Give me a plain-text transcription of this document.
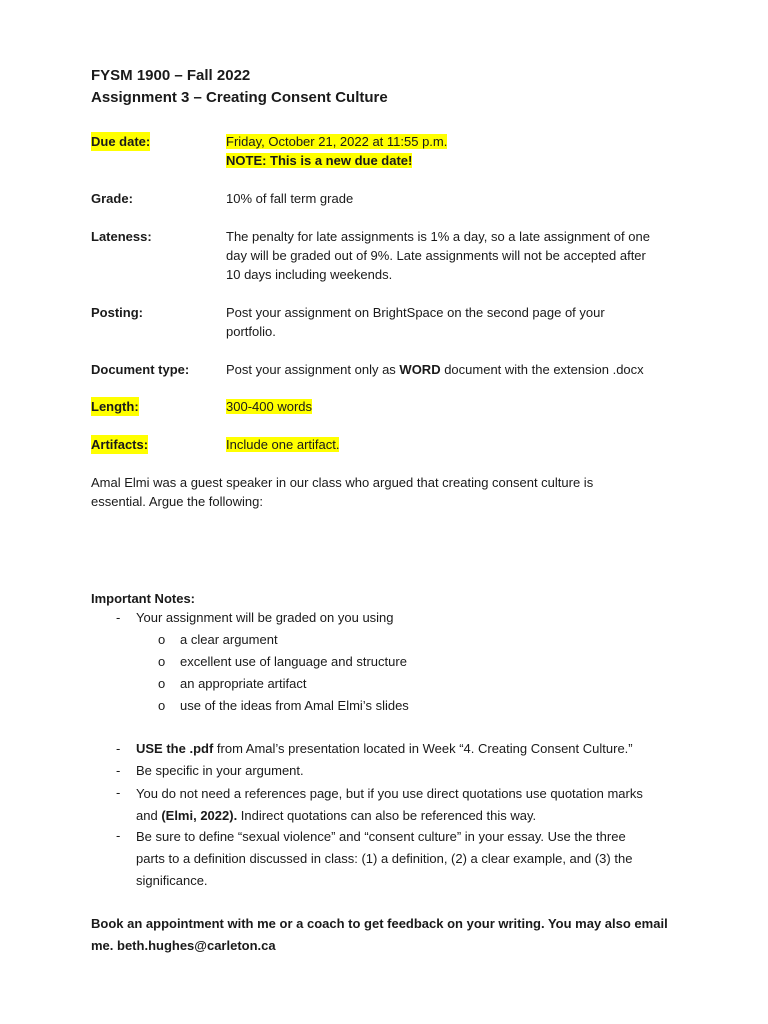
FYSM 1900 – Fall 2022
Assignment 3 – Creating Consent Culture
Due date:	Friday, October 21, 2022 at 11:55 p.m.
NOTE: This is a new due date!
Grade:	10% of fall term grade
Lateness:	The penalty for late assignments is 1% a day, so a late assignment of one
day will be graded out of 9%. Late assignments will not be accepted after
10 days including weekends.
Posting:	Post your assignment on BrightSpace on the second page of your
portfolio.
Document type:	Post your assignment only as WORD document with the extension .docx
Length:	300-400 words
Artifacts:	Include one artifact.
Amal Elmi was a guest speaker in our class who argued that creating consent culture is
essential. Argue the following:
Important Notes:
- Your assignment will be graded on you using
o a clear argument
o excellent use of language and structure
o an appropriate artifact
o use of the ideas from Amal Elmi’s slides
- USE the .pdf from Amal’s presentation located in Week “4. Creating Consent Culture.”
- Be specific in your argument.
- You do not need a references page, but if you use direct quotations use quotation marks
and (Elmi, 2022). Indirect quotations can also be referenced this way.
- Be sure to define “sexual violence” and “consent culture” in your essay. Use the three
parts to a definition discussed in class: (1) a definition, (2) a clear example, and (3) the
significance.
Book an appointment with me or a coach to get feedback on your writing. You may also email
me. beth.hughes@carleton.ca
